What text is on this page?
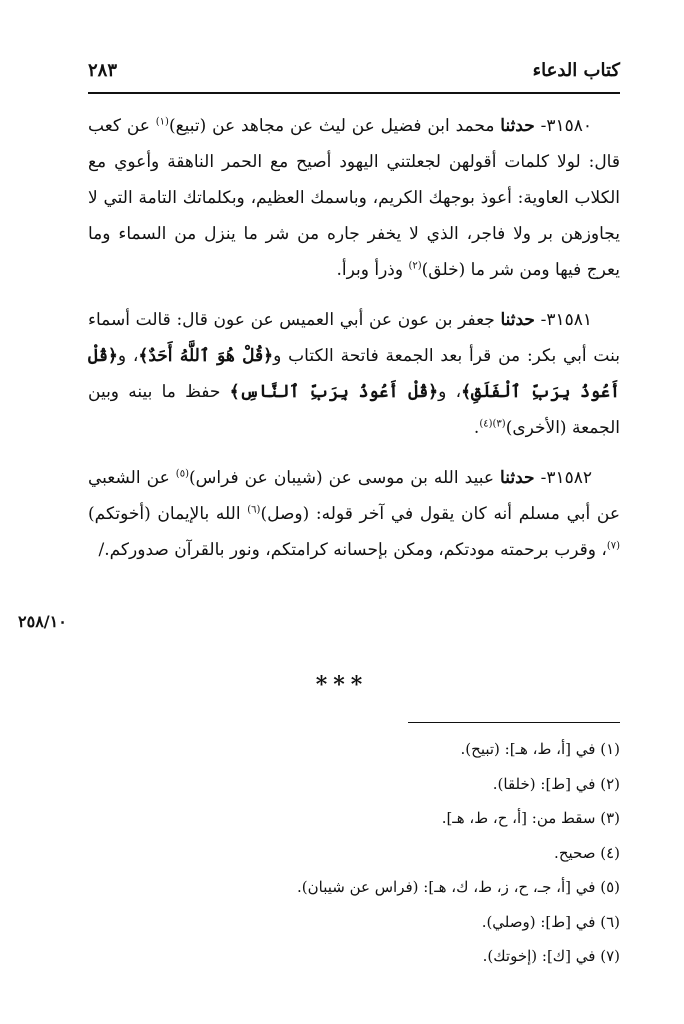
كتاب الدعاء
٢٨٣

٣١٥٨٠- حدثنا محمد ابن فضيل عن ليث عن مجاهد عن (تبيع)$^{(١)}$ عن كعب قال: لولا كلمات أقولهن لجعلتني اليهود أصيح مع الحمر الناهقة وأعوي مع الكلاب العاوية: أعوذ بوجهك الكريم، وباسمك العظيم، وبكلماتك التامة التي لا يجاوزهن بر ولا فاجر، الذي لا يخفر جاره من شر ما ينزل من السماء وما يعرج فيها ومن شر ما (خلق)$^{(٢)}$ وذرأ وبرأ.

٣١٥٨١- حدثنا جعفر بن عون عن أبي العميس عن عون قال: قالت أسماء بنت أبي بكر: من قرأ بعد الجمعة فاتحة الكتاب و﴿قُلْ هُوَ ٱللَّهُ أَحَدٌ﴾، و﴿قُلْ أَعُوذُ بِرَبِّ ٱلْفَلَقِ﴾، و﴿قُلْ أَعُوذُ بِرَبِّ ٱلنَّاسِ﴾ حفظ ما بينه وبين الجمعة (الأخرى)$^{(٣)(٤)}$.

٣١٥٨٢- حدثنا عبيد الله بن موسى عن (شيبان عن فراس)$^{(٥)}$ عن الشعبي عن أبي مسلم أنه كان يقول في آخر قوله: (وصل)$^{(٦)}$ الله بالإيمان (أخوتكم)$^{(٧)}$، وقرب برحمته مودتكم، ومكن بإحسانه كرامتكم، ونور بالقرآن صدوركم./

٢٥٨/١٠
***

(١) في [أ، ط، هـ]: (تبيح).

(٢) في [ط]: (خلقا).

(٣) سقط من: [أ، ح، ط، هـ].

(٤) صحيح.

(٥) في [أ، جـ، ح، ز، ط، ك، هـ]: (فراس عن شيبان).

(٦) في [ط]: (وصلي).

(٧) في [ك]: (إخوتك).
